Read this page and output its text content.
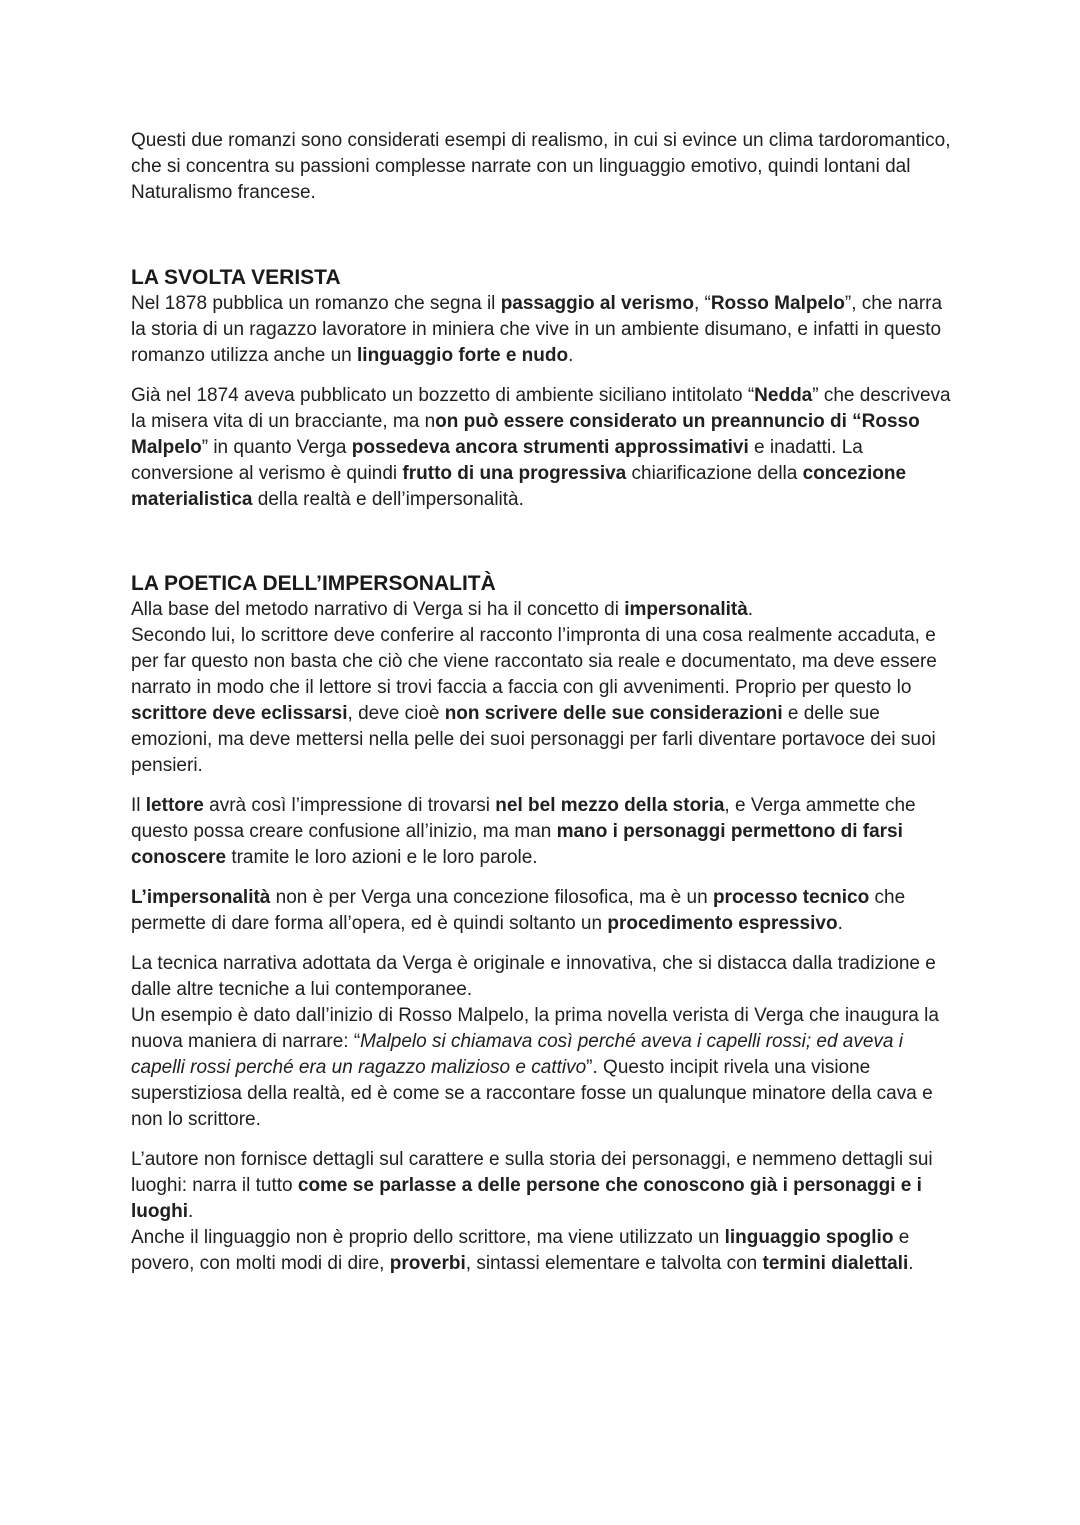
Questi due romanzi sono considerati esempi di realismo, in cui si evince un clima tardoromantico, che si concentra su passioni complesse narrate con un linguaggio emotivo, quindi lontani dal Naturalismo francese.

LA SVOLTA VERISTA

Nel 1878 pubblica un romanzo che segna il passaggio al verismo, “Rosso Malpelo”, che narra la storia di un ragazzo lavoratore in miniera che vive in un ambiente disumano, e infatti in questo romanzo utilizza anche un linguaggio forte e nudo.

Già nel 1874 aveva pubblicato un bozzetto di ambiente siciliano intitolato “Nedda” che descriveva la misera vita di un bracciante, ma non può essere considerato un preannuncio di “Rosso Malpelo” in quanto Verga possedeva ancora strumenti approssimativi e inadatti. La conversione al verismo è quindi frutto di una progressiva chiarificazione della concezione materialistica della realtà e dell’impersonalità.

LA POETICA DELL’IMPERSONALITÀ

Alla base del metodo narrativo di Verga si ha il concetto di impersonalità.
Secondo lui, lo scrittore deve conferire al racconto l’impronta di una cosa realmente accaduta, e per far questo non basta che ciò che viene raccontato sia reale e documentato, ma deve essere narrato in modo che il lettore si trovi faccia a faccia con gli avvenimenti. Proprio per questo lo scrittore deve eclissarsi, deve cioè non scrivere delle sue considerazioni e delle sue emozioni, ma deve mettersi nella pelle dei suoi personaggi per farli diventare portavoce dei suoi pensieri.

Il lettore avrà così l’impressione di trovarsi nel bel mezzo della storia, e Verga ammette che questo possa creare confusione all’inizio, ma man mano i personaggi permettono di farsi conoscere tramite le loro azioni e le loro parole.

L’impersonalità non è per Verga una concezione filosofica, ma è un processo tecnico che permette di dare forma all’opera, ed è quindi soltanto un procedimento espressivo.

La tecnica narrativa adottata da Verga è originale e innovativa, che si distacca dalla tradizione e dalle altre tecniche a lui contemporanee.
Un esempio è dato dall’inizio di Rosso Malpelo, la prima novella verista di Verga che inaugura la nuova maniera di narrare: “Malpelo si chiamava così perché aveva i capelli rossi; ed aveva i capelli rossi perché era un ragazzo malizioso e cattivo”. Questo incipit rivela una visione superstiziosa della realtà, ed è come se a raccontare fosse un qualunque minatore della cava e non lo scrittore.

L’autore non fornisce dettagli sul carattere e sulla storia dei personaggi, e nemmeno dettagli sui luoghi: narra il tutto come se parlasse a delle persone che conoscono già i personaggi e i luoghi.
Anche il linguaggio non è proprio dello scrittore, ma viene utilizzato un linguaggio spoglio e povero, con molti modi di dire, proverbi, sintassi elementare e talvolta con termini dialettali.
